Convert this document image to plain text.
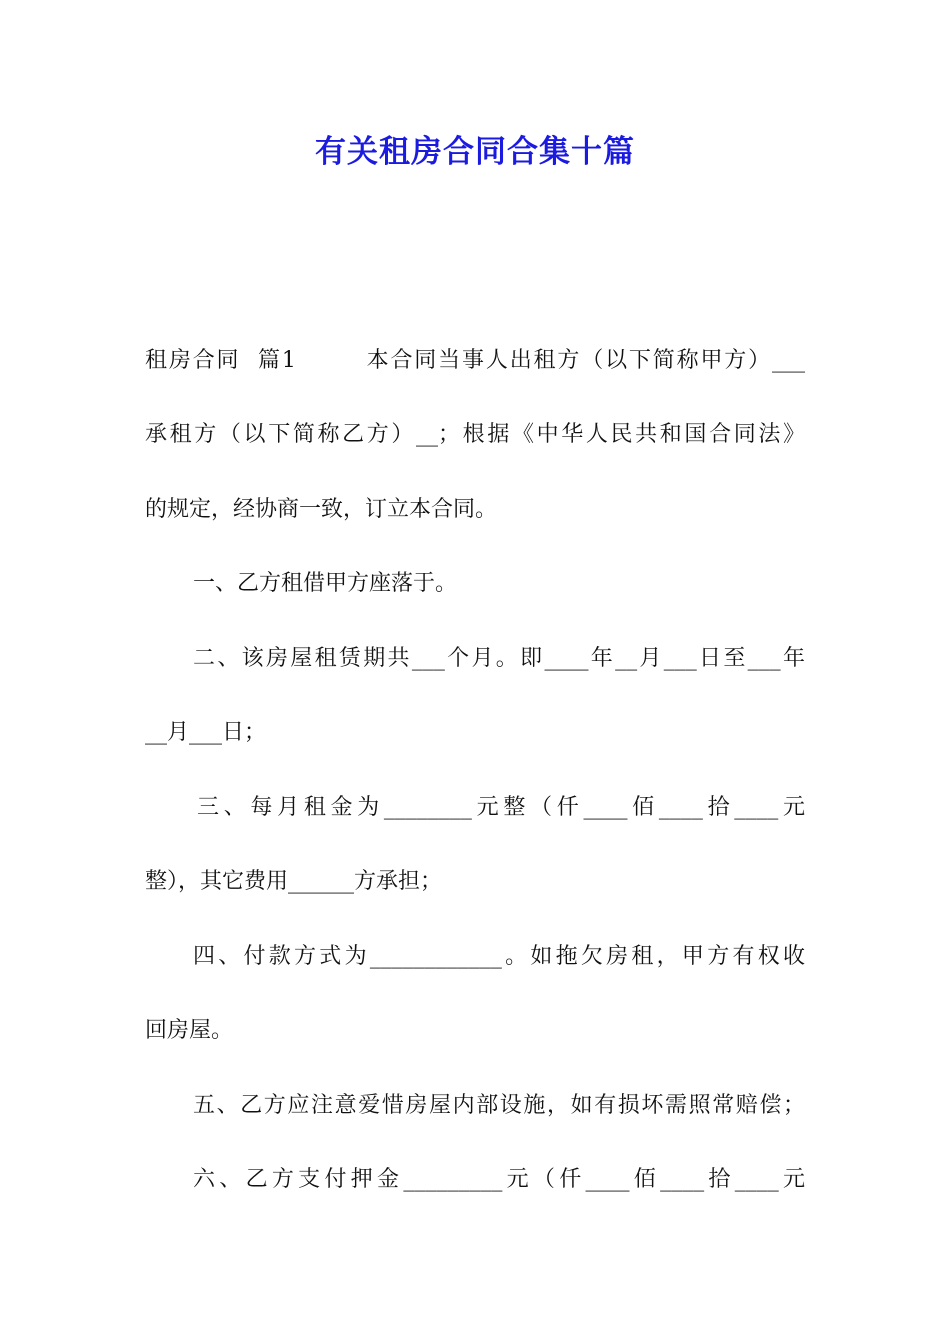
有关租房合同合集十篇
租房合同  篇1        本合同当事人出租方（以下简称甲方）___
承租方（以下简称乙方）__；根据《中华人民共和国合同法》
的规定，经协商一致，订立本合同。
一、乙方租借甲方座落于。
二、该房屋租赁期共___个月。即____年__月___日至___年
__月___日；
三、每月租金为________元整（仟____佰____拾____元
整），其它费用______方承担；
四、付款方式为____________。如拖欠房租，甲方有权收
回房屋。
五、乙方应注意爱惜房屋内部设施，如有损坏需照常赔偿；
六、乙方支付押金_________元（仟____佰____拾____元
